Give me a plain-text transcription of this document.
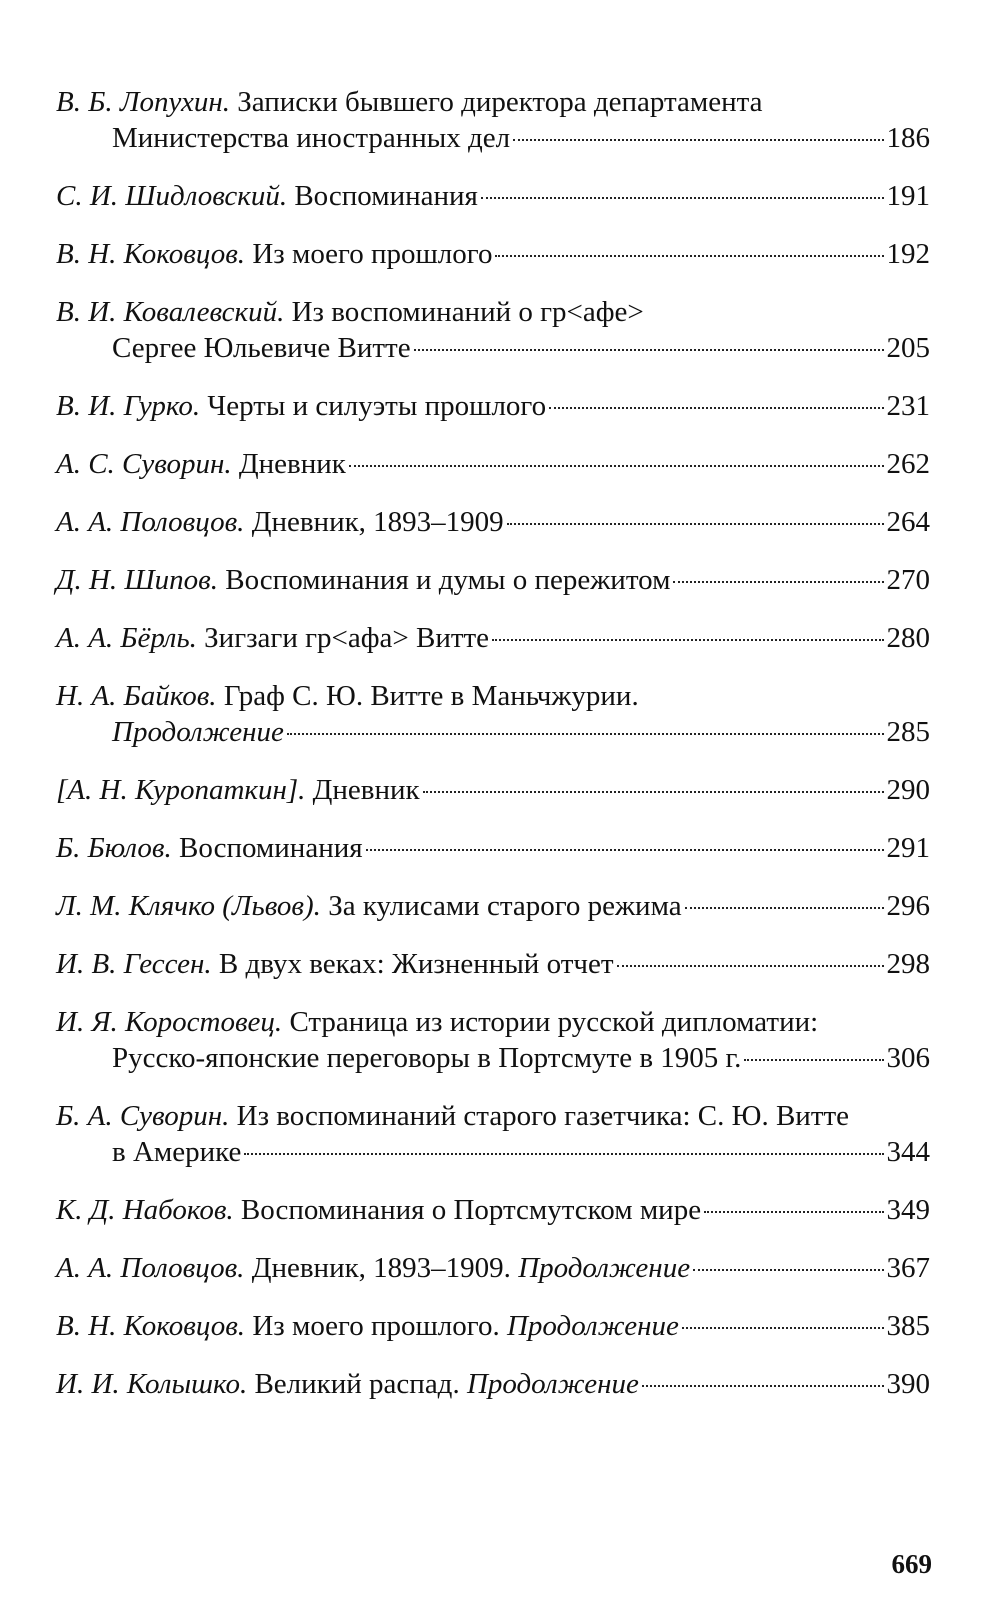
В. Б. Лопухин. Записки бывшего директора департамента
Министерства иностранных дел	186
С. И. Шидловский. Воспоминания	191
В. Н. Коковцов. Из моего прошлого	192
В. И. Ковалевский. Из воспоминаний о гр<афе>
Сергее Юльевиче Витте	205
В. И. Гурко. Черты и силуэты прошлого	231
А. С. Суворин. Дневник	262
А. А. Половцов. Дневник, 1893–1909	264
Д. Н. Шипов. Воспоминания и думы о пережитом	270
А. А. Бёрль. Зигзаги гр<афа> Витте	280
Н. А. Байков. Граф С. Ю. Витте в Маньчжурии.
Продолжение	285
[А. Н. Куропаткин]. Дневник	290
Б. Бюлов. Воспоминания	291
Л. М. Клячко (Львов). За кулисами старого режима	296
И. В. Гессен. В двух веках: Жизненный отчет	298
И. Я. Коростовец. Страница из истории русской дипломатии:
Русско-японские переговоры в Портсмуте в 1905 г.	306
Б. А. Суворин. Из воспоминаний старого газетчика: С. Ю. Витте
в Америке	344
К. Д. Набоков. Воспоминания о Портсмутском мире	349
А. А. Половцов. Дневник, 1893–1909. Продолжение	367
В. Н. Коковцов. Из моего прошлого. Продолжение	385
И. И. Колышко. Великий распад. Продолжение	390
669
